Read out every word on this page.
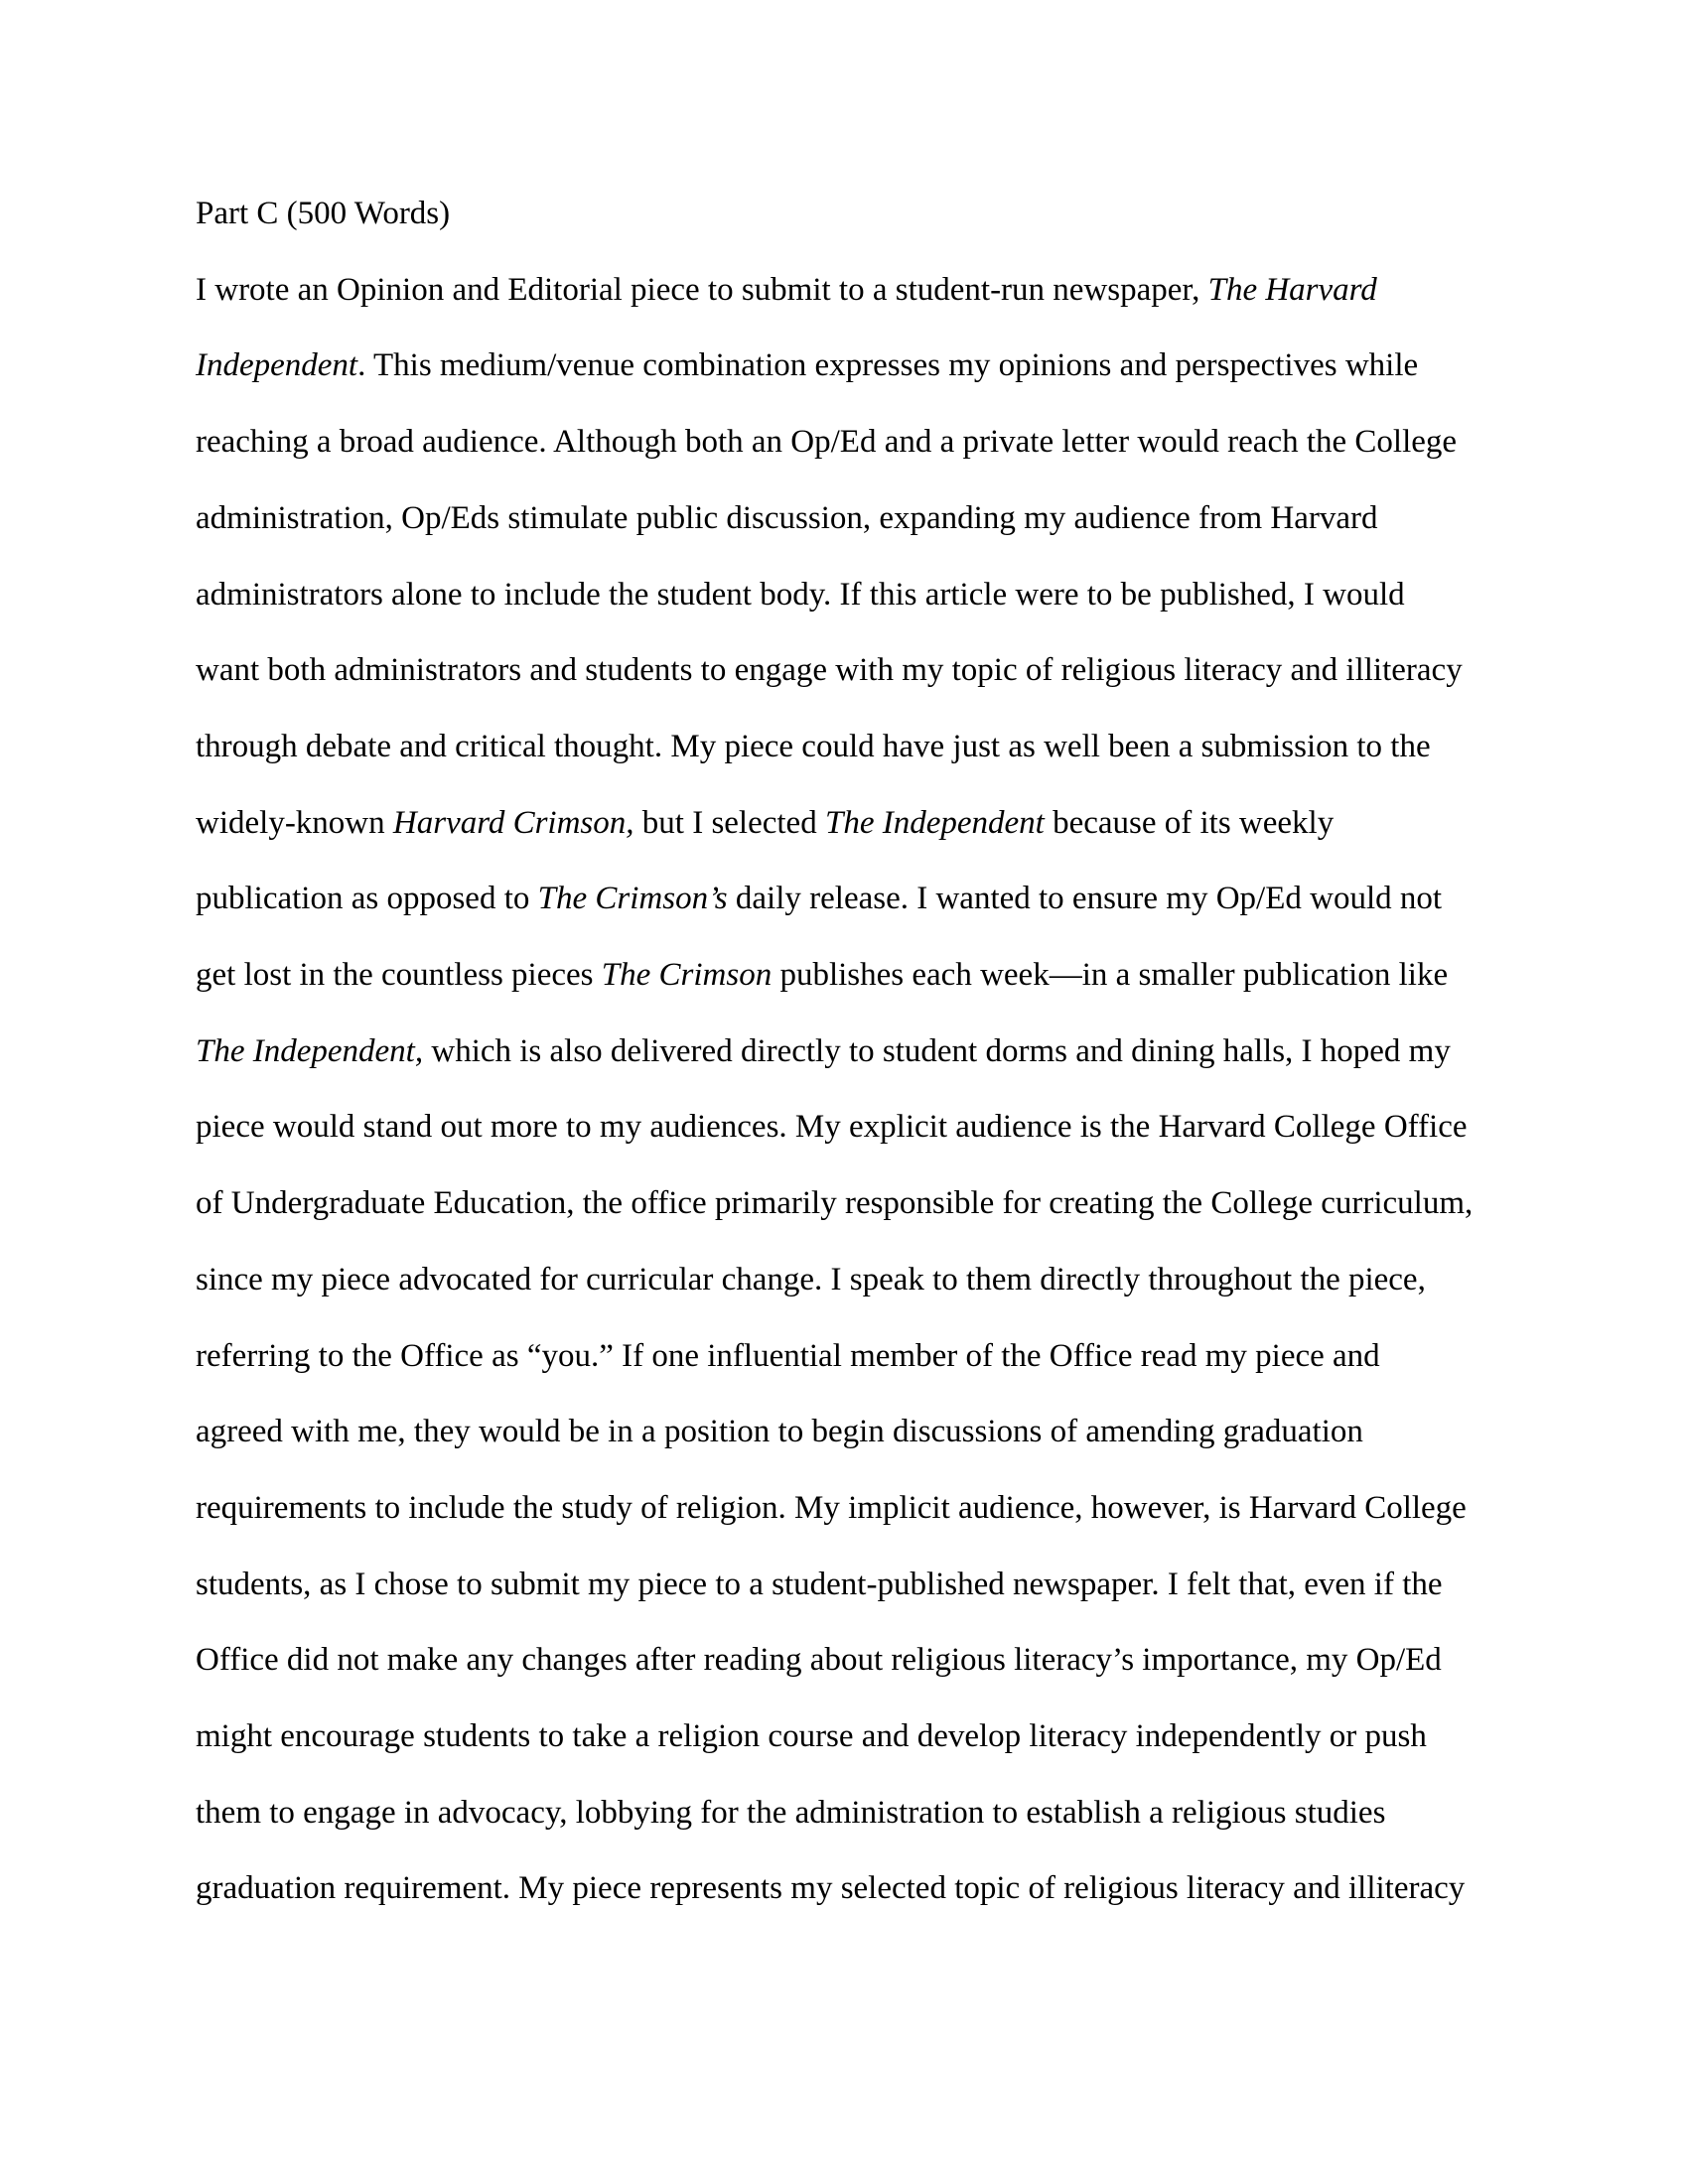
Part C (500 Words)
I wrote an Opinion and Editorial piece to submit to a student-run newspaper, The Harvard
Independent. This medium/venue combination expresses my opinions and perspectives while
reaching a broad audience. Although both an Op/Ed and a private letter would reach the College
administration, Op/Eds stimulate public discussion, expanding my audience from Harvard
administrators alone to include the student body. If this article were to be published, I would
want both administrators and students to engage with my topic of religious literacy and illiteracy
through debate and critical thought. My piece could have just as well been a submission to the
widely-known Harvard Crimson, but I selected The Independent because of its weekly
publication as opposed to The Crimson’s daily release. I wanted to ensure my Op/Ed would not
get lost in the countless pieces The Crimson publishes each week—in a smaller publication like
The Independent, which is also delivered directly to student dorms and dining halls, I hoped my
piece would stand out more to my audiences. My explicit audience is the Harvard College Office
of Undergraduate Education, the office primarily responsible for creating the College curriculum,
since my piece advocated for curricular change. I speak to them directly throughout the piece,
referring to the Office as “you.” If one influential member of the Office read my piece and
agreed with me, they would be in a position to begin discussions of amending graduation
requirements to include the study of religion. My implicit audience, however, is Harvard College
students, as I chose to submit my piece to a student-published newspaper. I felt that, even if the
Office did not make any changes after reading about religious literacy’s importance, my Op/Ed
might encourage students to take a religion course and develop literacy independently or push
them to engage in advocacy, lobbying for the administration to establish a religious studies
graduation requirement. My piece represents my selected topic of religious literacy and illiteracy
